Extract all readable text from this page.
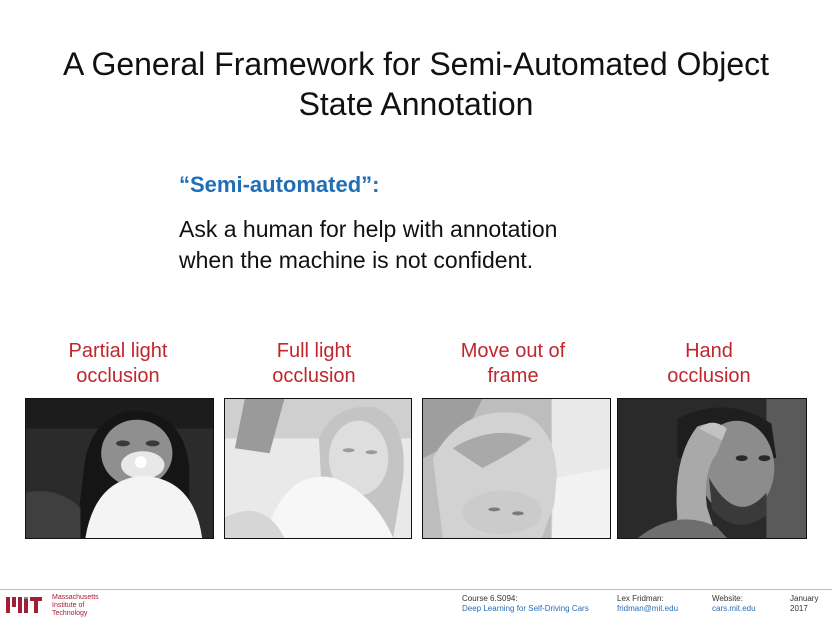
A General Framework for Semi-Automated Object
State Annotation
“Semi-automated”:
Ask a human for help with annotation
when the machine is not confident.
Partial light
occlusion
Full light
occlusion
Move out of
frame
Hand
occlusion
Massachusetts
Institute of
Technology
Course 6.S094:
Deep Learning for Self-Driving Cars
Lex Fridman:
fridman@mit.edu
Website:
cars.mit.edu
January
2017
